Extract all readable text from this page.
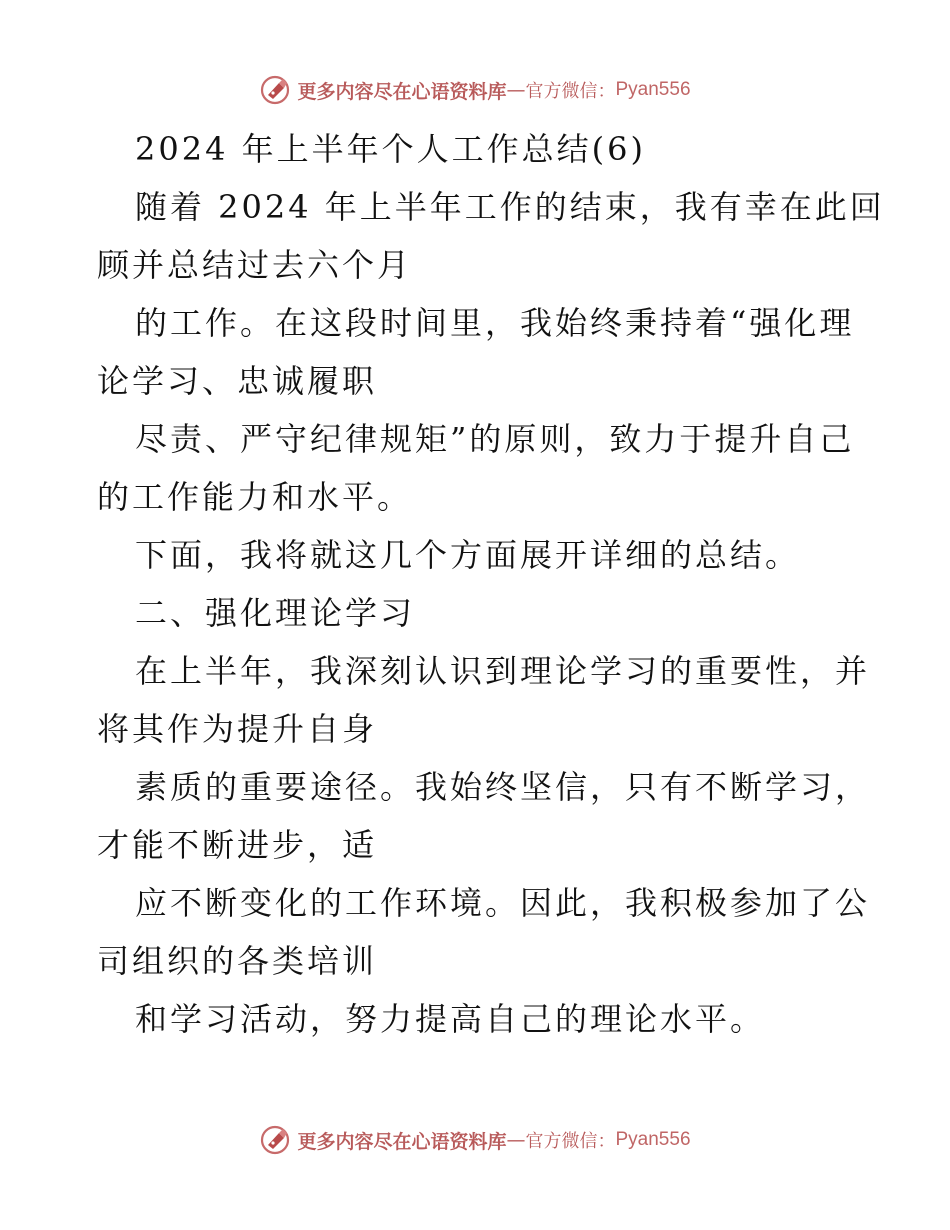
更多内容尽在心语资料库 — 官方微信： Pyan556
2024 年上半年个人工作总结(6)
随着 2024 年上半年工作的结束，我有幸在此回
顾并总结过去六个月
的工作。在这段时间里，我始终秉持着“强化理
论学习、忠诚履职
尽责、严守纪律规矩”的原则，致力于提升自己
的工作能力和水平。
下面，我将就这几个方面展开详细的总结。
二、强化理论学习
在上半年，我深刻认识到理论学习的重要性，并
将其作为提升自身
素质的重要途径。我始终坚信，只有不断学习，
才能不断进步，适
应不断变化的工作环境。因此，我积极参加了公
司组织的各类培训
和学习活动，努力提高自己的理论水平。
更多内容尽在心语资料库 — 官方微信： Pyan556
